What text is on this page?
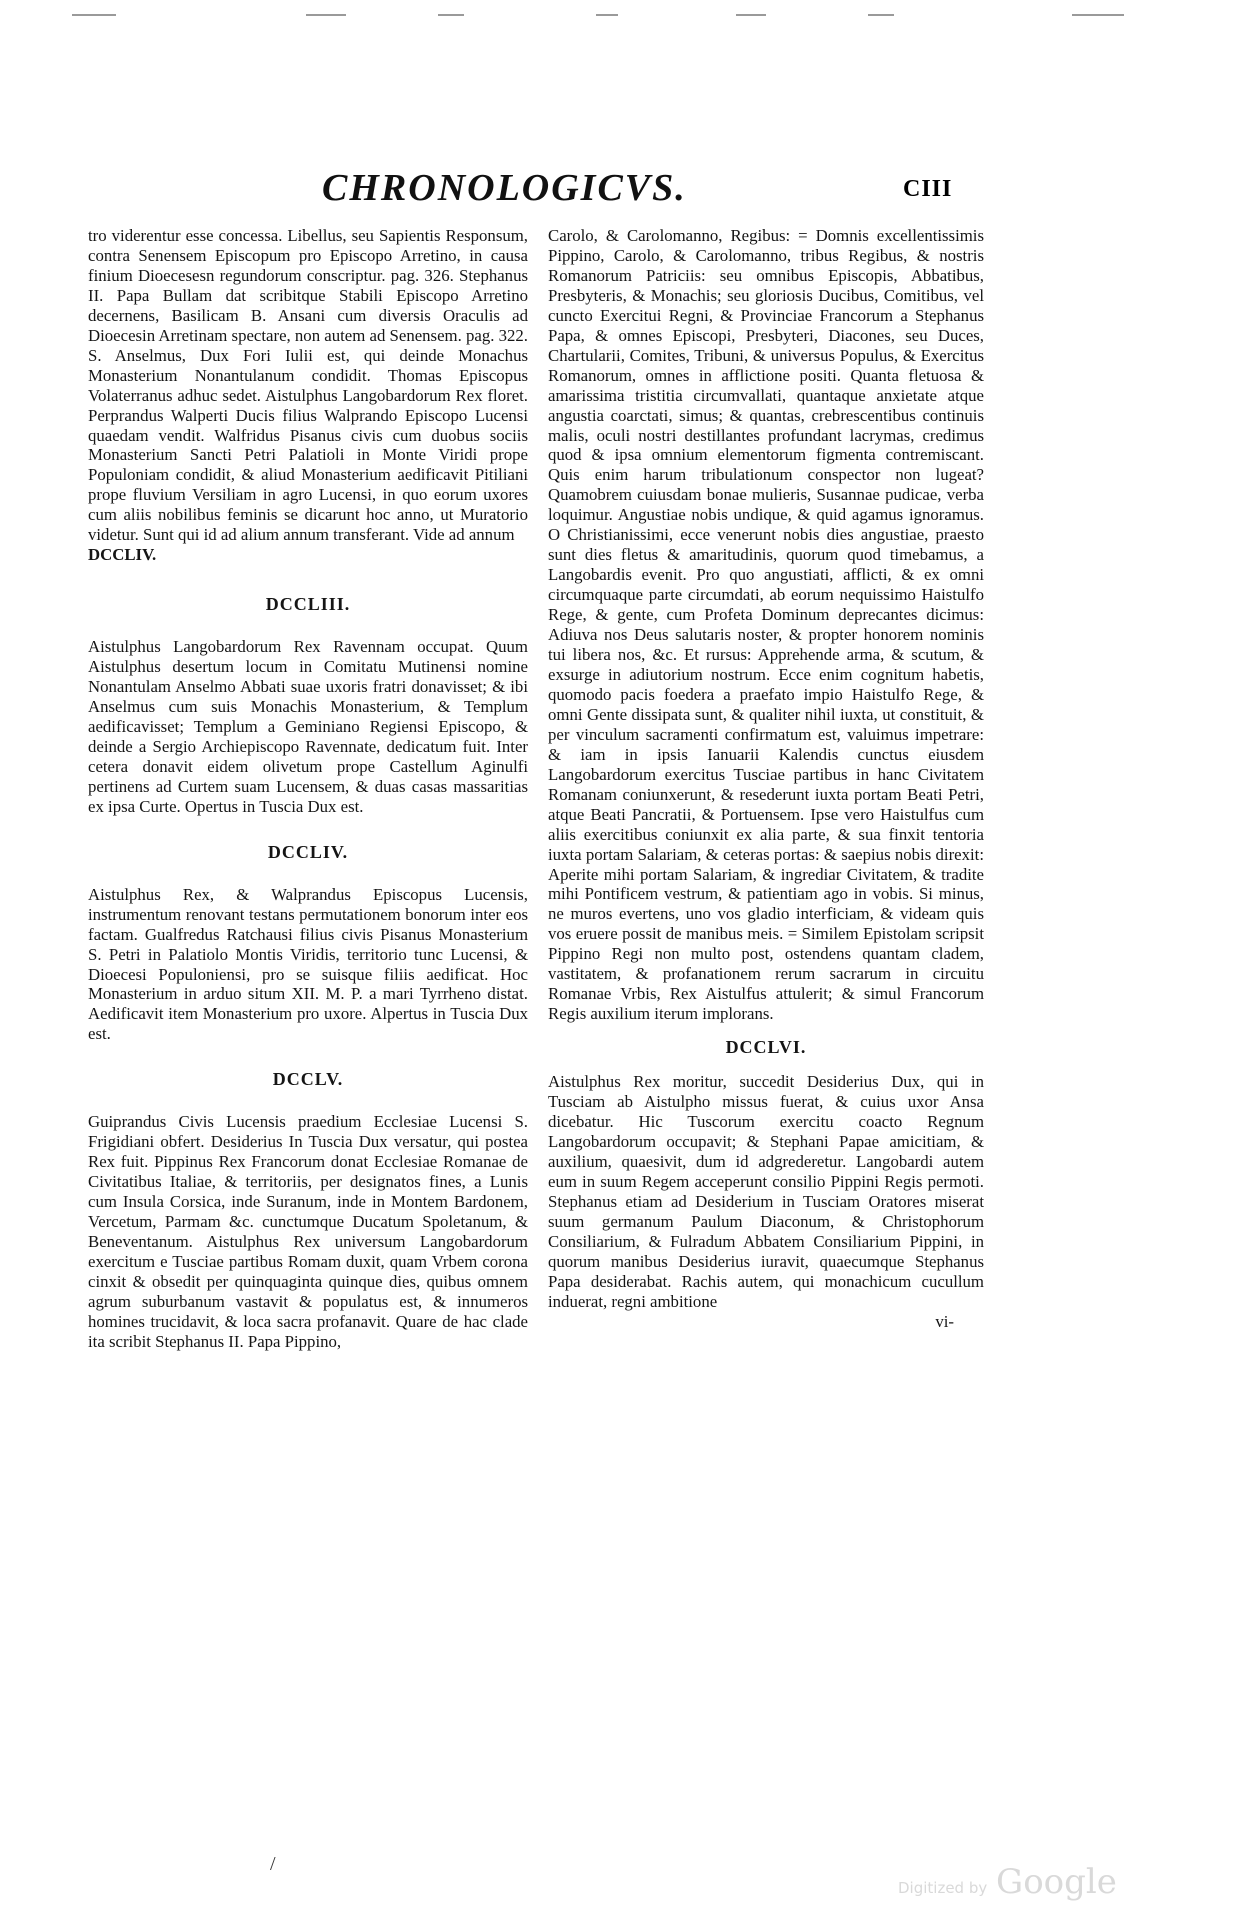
CHRONOLOGICVS.	CIII

tro viderentur esse concessa. Libellus, seu Sapientis Responsum, contra Senensem Episcopum pro Episcopo Arretino, in causa finium Dioecesesn regundorum conscriptur. pag. 326. Stephanus II. Papa Bullam dat scribitque Stabili Episcopo Arretino decernens, Basilicam B. Ansani cum diversis Oraculis ad Dioecesin Arretinam spectare, non autem ad Senensem. pag. 322. S. Anselmus, Dux Fori Iulii est, qui deinde Monachus Monasterium Nonantulanum condidit. Thomas Episcopus Volaterranus adhuc sedet. Aistulphus Langobardorum Rex floret. Perprandus Walperti Ducis filius Walprando Episcopo Lucensi quaedam vendit. Walfridus Pisanus civis cum duobus sociis Monasterium Sancti Petri Palatioli in Monte Viridi prope Populoniam condidit, & aliud Monasterium aedificavit Pitiliani prope fluvium Versiliam in agro Lucensi, in quo eorum uxores cum aliis nobilibus feminis se dicarunt hoc anno, ut Muratorio videtur. Sunt qui id ad alium annum transferant. Vide ad annum

DCCLIV.

DCCLIII.

Aistulphus Langobardorum Rex Ravennam occupat. Quum Aistulphus desertum locum in Comitatu Mutinensi nomine Nonantulam Anselmo Abbati suae uxoris fratri donavisset; & ibi Anselmus cum suis Monachis Monasterium, & Templum aedificavisset; Templum a Geminiano Regiensi Episcopo, & deinde a Sergio Archiepiscopo Ravennate, dedicatum fuit. Inter cetera donavit eidem olivetum prope Castellum Aginulfi pertinens ad Curtem suam Lucensem, & duas casas massaritias ex ipsa Curte. Opertus in Tuscia Dux est.

DCCLIV.

Aistulphus Rex, & Walprandus Episcopus Lucensis, instrumentum renovant testans permutationem bonorum inter eos factam. Gualfredus Ratchausi filius civis Pisanus Monasterium S. Petri in Palatiolo Montis Viridis, territorio tunc Lucensi, & Dioecesi Populoniensi, pro se suisque filiis aedificat. Hoc Monasterium in arduo situm XII. M. P. a mari Tyrrheno distat. Aedificavit item Monasterium pro uxore. Alpertus in Tuscia Dux est.

DCCLV.

Guiprandus Civis Lucensis praedium Ecclesiae Lucensi S. Frigidiani obfert. Desiderius In Tuscia Dux versatur, qui postea Rex fuit. Pippinus Rex Francorum donat Ecclesiae Romanae de Civitatibus Italiae, & territoriis, per designatos fines, a Lunis cum Insula Corsica, inde Suranum, inde in Montem Bardonem, Vercetum, Parmam &c. cunctumque Ducatum Spoletanum, & Beneventanum. Aistulphus Rex universum Langobardorum exercitum e Tusciae partibus Romam duxit, quam Vrbem corona cinxit & obsedit per quinquaginta quinque dies, quibus omnem agrum suburbanum vastavit & populatus est, & innumeros homines trucidavit, & loca sacra profanavit. Quare de hac clade ita scribit Stephanus II. Papa Pippino,

Carolo, & Carolomanno, Regibus: = Domnis excellentissimis Pippino, Carolo, & Carolomanno, tribus Regibus, & nostris Romanorum Patriciis: seu omnibus Episcopis, Abbatibus, Presbyteris, & Monachis; seu gloriosis Ducibus, Comitibus, vel cuncto Exercitui Regni, & Provinciae Francorum a Stephanus Papa, & omnes Episcopi, Presbyteri, Diacones, seu Duces, Chartularii, Comites, Tribuni, & universus Populus, & Exercitus Romanorum, omnes in afflictione positi. Quanta fletuosa & amarissima tristitia circumvallati, quantaque anxietate atque angustia coarctati, simus; & quantas, crebrescentibus continuis malis, oculi nostri destillantes profundant lacrymas, credimus quod & ipsa omnium elementorum figmenta contremiscant. Quis enim harum tribulationum conspector non lugeat? Quamobrem cuiusdam bonae mulieris, Susannae pudicae, verba loquimur. Angustiae nobis undique, & quid agamus ignoramus. O Christianissimi, ecce venerunt nobis dies angustiae, praesto sunt dies fletus & amaritudinis, quorum quod timebamus, a Langobardis evenit. Pro quo angustiati, afflicti, & ex omni circumquaque parte circumdati, ab eorum nequissimo Haistulfo Rege, & gente, cum Profeta Dominum deprecantes dicimus: Adiuva nos Deus salutaris noster, & propter honorem nominis tui libera nos, &c. Et rursus: Apprehende arma, & scutum, & exsurge in adiutorium nostrum. Ecce enim cognitum habetis, quomodo pacis foedera a praefato impio Haistulfo Rege, & omni Gente dissipata sunt, & qualiter nihil iuxta, ut constituit, & per vinculum sacramenti confirmatum est, valuimus impetrare: & iam in ipsis Ianuarii Kalendis cunctus eiusdem Langobardorum exercitus Tusciae partibus in hanc Civitatem Romanam coniunxerunt, & resederunt iuxta portam Beati Petri, atque Beati Pancratii, & Portuensem. Ipse vero Haistulfus cum aliis exercitibus coniunxit ex alia parte, & sua finxit tentoria iuxta portam Salariam, & ceteras portas: & saepius nobis direxit: Aperite mihi portam Salariam, & ingrediar Civitatem, & tradite mihi Pontificem vestrum, & patientiam ago in vobis. Si minus, ne muros evertens, uno vos gladio interficiam, & videam quis vos eruere possit de manibus meis. = Similem Epistolam scripsit Pippino Regi non multo post, ostendens quantam cladem, vastitatem, & profanationem rerum sacrarum in circuitu Romanae Vrbis, Rex Aistulfus attulerit; & simul Francorum Regis auxilium iterum implorans.

DCCLVI.

Aistulphus Rex moritur, succedit Desiderius Dux, qui in Tusciam ab Aistulpho missus fuerat, & cuius uxor Ansa dicebatur. Hic Tuscorum exercitu coacto Regnum Langobardorum occupavit; & Stephani Papae amicitiam, & auxilium, quaesivit, dum id adgrederetur. Langobardi autem eum in suum Regem acceperunt consilio Pippini Regis permoti. Stephanus etiam ad Desiderium in Tusciam Oratores miserat suum germanum Paulum Diaconum, & Christophorum Consiliarium, & Fulradum Abbatem Consiliarium Pippini, in quorum manibus Desiderius iuravit, quaecumque Stephanus Papa desiderabat. Rachis autem, qui monachicum cucullum induerat, regni ambitione

vi-
/
Digitized by Google
